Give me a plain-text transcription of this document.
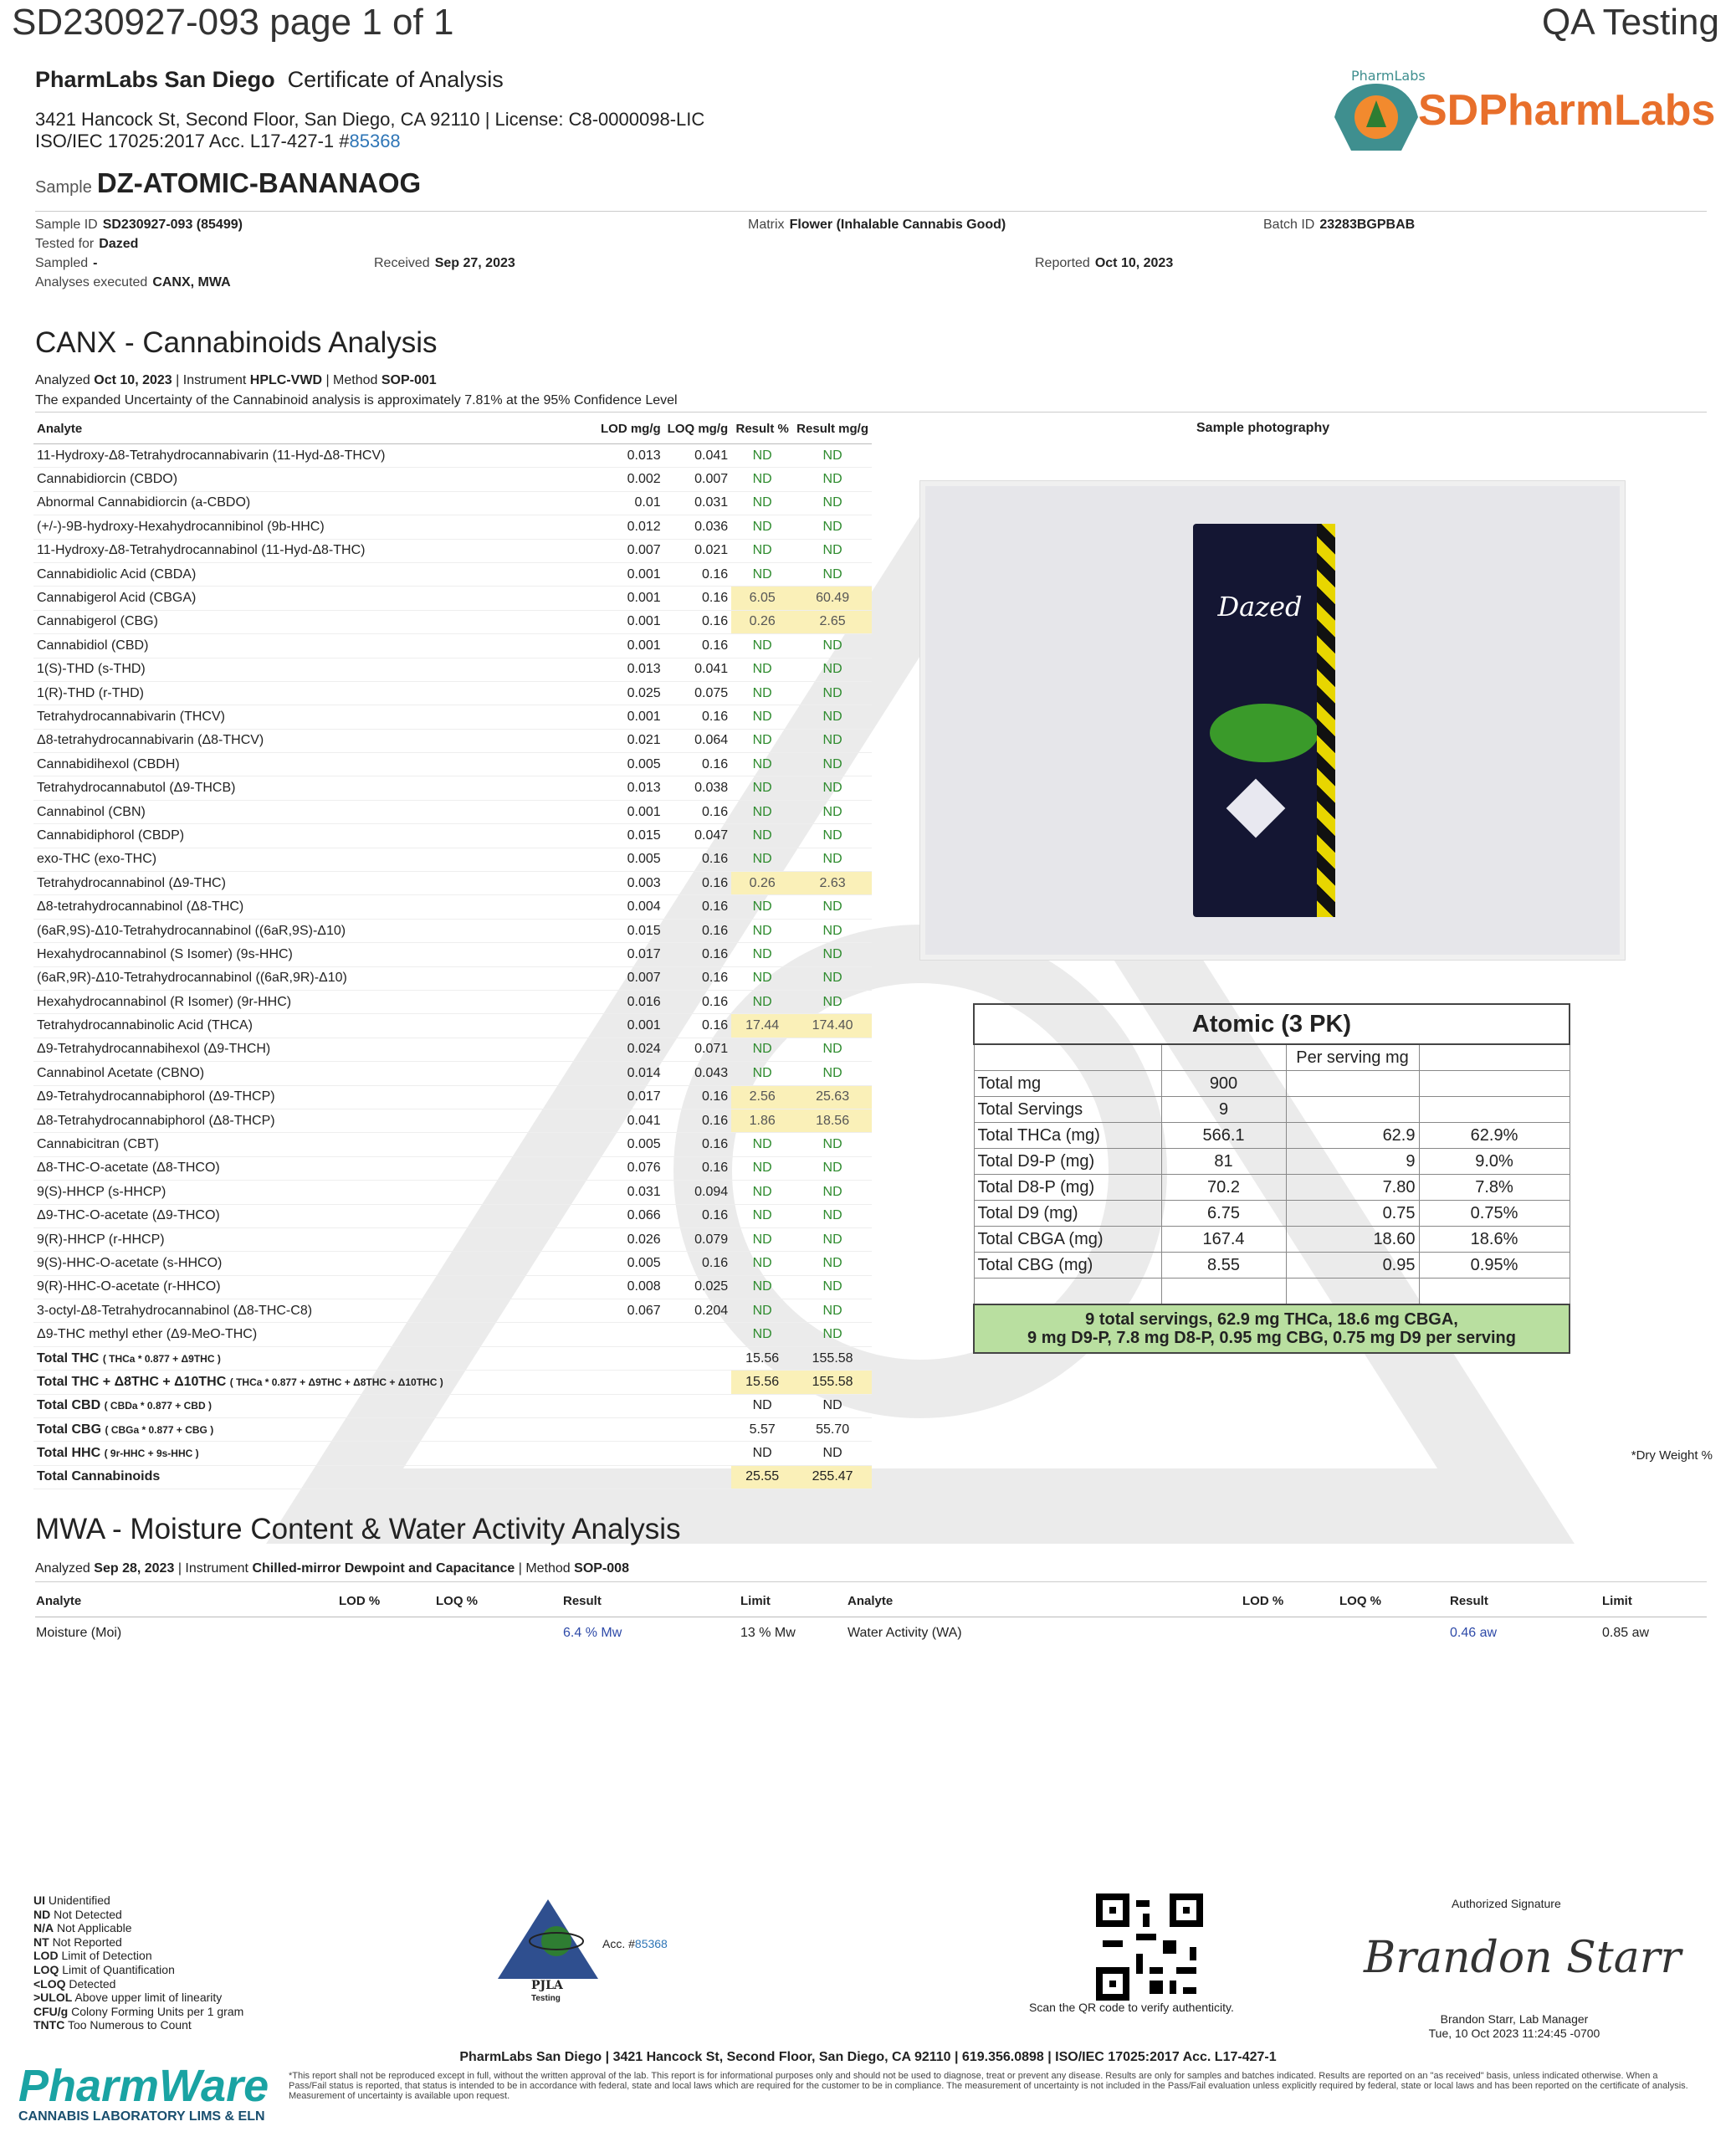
SD230927-093 page 1 of 1	QA Testing
PharmLabs San Diego Certificate of Analysis
3421 Hancock St, Second Floor, San Diego, CA 92110 | License: C8-0000098-LIC
ISO/IEC 17025:2017 Acc. L17-427-1 #85368
PharmLabs
SDPharmLabs
Sample DZ-ATOMIC-BANANAOG
Sample ID SD230927-093 (85499)	Matrix Flower (Inhalable Cannabis Good)	Batch ID 23283BGPBAB
Tested for Dazed
Sampled -	Received Sep 27, 2023	Reported Oct 10, 2023
Analyses executed CANX, MWA
CANX - Cannabinoids Analysis
Analyzed Oct 10, 2023 | Instrument HPLC-VWD | Method SOP-001
The expanded Uncertainty of the Cannabinoid analysis is approximately 7.81% at the 95% Confidence Level
Analyte	LOD mg/g	LOQ mg/g	Result %	Result mg/g
11-Hydroxy-Δ8-Tetrahydrocannabivarin (11-Hyd-Δ8-THCV)	0.013	0.041	ND	ND
Cannabidiorcin (CBDO)	0.002	0.007	ND	ND
Abnormal Cannabidiorcin (a-CBDO)	0.01	0.031	ND	ND
(+/-)-9B-hydroxy-Hexahydrocannibinol (9b-HHC)	0.012	0.036	ND	ND
11-Hydroxy-Δ8-Tetrahydrocannabinol (11-Hyd-Δ8-THC)	0.007	0.021	ND	ND
Cannabidiolic Acid (CBDA)	0.001	0.16	ND	ND
Cannabigerol Acid (CBGA)	0.001	0.16	6.05	60.49
Cannabigerol (CBG)	0.001	0.16	0.26	2.65
Cannabidiol (CBD)	0.001	0.16	ND	ND
1(S)-THD (s-THD)	0.013	0.041	ND	ND
1(R)-THD (r-THD)	0.025	0.075	ND	ND
Tetrahydrocannabivarin (THCV)	0.001	0.16	ND	ND
Δ8-tetrahydrocannabivarin (Δ8-THCV)	0.021	0.064	ND	ND
Cannabidihexol (CBDH)	0.005	0.16	ND	ND
Tetrahydrocannabutol (Δ9-THCB)	0.013	0.038	ND	ND
Cannabinol (CBN)	0.001	0.16	ND	ND
Cannabidiphorol (CBDP)	0.015	0.047	ND	ND
exo-THC (exo-THC)	0.005	0.16	ND	ND
Tetrahydrocannabinol (Δ9-THC)	0.003	0.16	0.26	2.63
Δ8-tetrahydrocannabinol (Δ8-THC)	0.004	0.16	ND	ND
(6aR,9S)-Δ10-Tetrahydrocannabinol ((6aR,9S)-Δ10)	0.015	0.16	ND	ND
Hexahydrocannabinol (S Isomer) (9s-HHC)	0.017	0.16	ND	ND
(6aR,9R)-Δ10-Tetrahydrocannabinol ((6aR,9R)-Δ10)	0.007	0.16	ND	ND
Hexahydrocannabinol (R Isomer) (9r-HHC)	0.016	0.16	ND	ND
Tetrahydrocannabinolic Acid (THCA)	0.001	0.16	17.44	174.40
Δ9-Tetrahydrocannabihexol (Δ9-THCH)	0.024	0.071	ND	ND
Cannabinol Acetate (CBNO)	0.014	0.043	ND	ND
Δ9-Tetrahydrocannabiphorol (Δ9-THCP)	0.017	0.16	2.56	25.63
Δ8-Tetrahydrocannabiphorol (Δ8-THCP)	0.041	0.16	1.86	18.56
Cannabicitran (CBT)	0.005	0.16	ND	ND
Δ8-THC-O-acetate (Δ8-THCO)	0.076	0.16	ND	ND
9(S)-HHCP (s-HHCP)	0.031	0.094	ND	ND
Δ9-THC-O-acetate (Δ9-THCO)	0.066	0.16	ND	ND
9(R)-HHCP (r-HHCP)	0.026	0.079	ND	ND
9(S)-HHC-O-acetate (s-HHCO)	0.005	0.16	ND	ND
9(R)-HHC-O-acetate (r-HHCO)	0.008	0.025	ND	ND
3-octyl-Δ8-Tetrahydrocannabinol (Δ8-THC-C8)	0.067	0.204	ND	ND
Δ9-THC methyl ether (Δ9-MeO-THC)			ND	ND
Total THC ( THCa * 0.877 + Δ9THC )			15.56	155.58
Total THC + Δ8THC + Δ10THC ( THCa * 0.877 + Δ9THC + Δ8THC + Δ10THC )			15.56	155.58
Total CBD ( CBDa * 0.877 + CBD )			ND	ND
Total CBG ( CBGa * 0.877 + CBG )			5.57	55.70
Total HHC ( 9r-HHC + 9s-HHC )			ND	ND
Total Cannabinoids			25.55	255.47
Sample photography
Dazed
Atomic (3 PK)			
		Per serving mg	
Total mg	900		
Total Servings	9		
Total THCa (mg)	566.1	62.9	62.9%
Total D9-P (mg)	81	9	9.0%
Total D8-P (mg)	70.2	7.80	7.8%
Total D9 (mg)	6.75	0.75	0.75%
Total CBGA (mg)	167.4	18.60	18.6%
Total CBG (mg)	8.55	0.95	0.95%

9 total servings, 62.9 mg THCa, 18.6 mg CBGA,
9 mg D9-P, 7.8 mg D8-P, 0.95 mg CBG, 0.75 mg D9 per serving			
*Dry Weight %
MWA - Moisture Content & Water Activity Analysis
Analyzed Sep 28, 2023 | Instrument Chilled-mirror Dewpoint and Capacitance | Method SOP-008
Analyte	LOD %	LOQ %	Result	Limit	Analyte	LOD %	LOQ %	Result	Limit
Moisture (Moi)			6.4 % Mw	13 % Mw	Water Activity (WA)			0.46 aw	0.85 aw
UI Unidentified
ND Not Detected
N/A Not Applicable
NT Not Reported
LOD Limit of Detection
LOQ Limit of Quantification
<LOQ Detected
>ULOL Above upper limit of linearity
CFU/g Colony Forming Units per 1 gram
TNTC Too Numerous to Count
Acc. #85368
PJLA
Testing
Scan the QR code to verify authenticity.
Authorized Signature
Brandon Starr
Brandon Starr, Lab Manager
Tue, 10 Oct 2023 11:24:45 -0700
PharmLabs San Diego | 3421 Hancock St, Second Floor, San Diego, CA 92110 | 619.356.0898 | ISO/IEC 17025:2017 Acc. L17-427-1
*This report shall not be reproduced except in full, without the written approval of the lab. This report is for informational purposes only and should not be used to diagnose, treat or prevent any disease. Results are only for samples and batches indicated. Results are reported on an "as received" basis, unless indicated otherwise. When a Pass/Fail status is reported, that status is intended to be in accordance with federal, state and local laws which are required for the customer to be in compliance. The measurement of uncertainty is not included in the Pass/Fail evaluation unless explicitly required by federal, state or local laws and has been reported on the certificate of analysis. Measurement of uncertainty is available upon request.
PharmWare
CANNABIS LABORATORY LIMS & ELN
